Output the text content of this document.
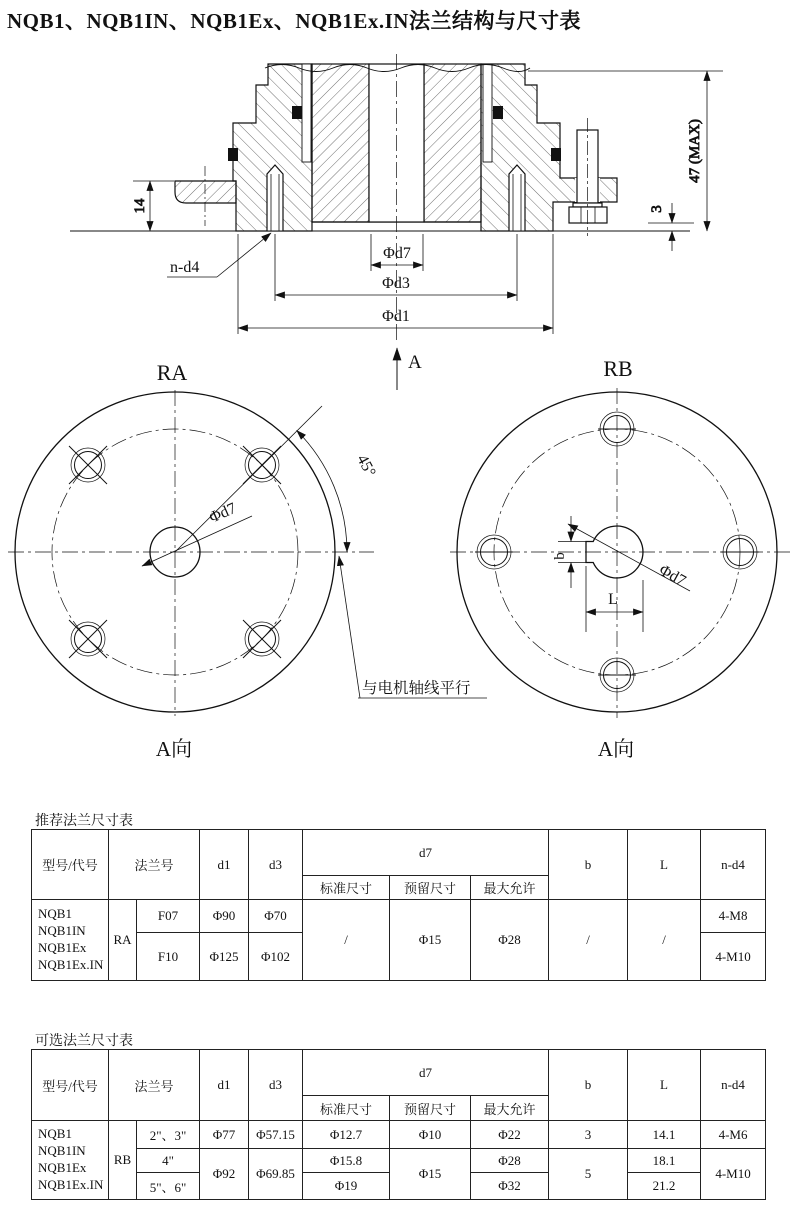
NQB1、NQB1IN、NQB1Ex、NQB1Ex.IN法兰结构与尺寸表
14
47 (MAX)
3
n-d4
Φd7
Φd3
Φd1
A
RA
45°
Φd7
与电机轴线平行
A向
RB
b
L
Φd7
A向
推荐法兰尺寸表
型号/代号	法兰号		d1	d3	d7			b	L	n-d4
					标准尺寸	预留尺寸	最大允许			

NQB1
NQB1IN
NQB1Ex
NQB1Ex.IN	RA	F07	Φ90	Φ70	/	Φ15	Φ28	/	/	4-M8
		F10	Φ125	Φ102						4-M10
可选法兰尺寸表
型号/代号	法兰号		d1	d3	d7			b	L	n-d4
					标准尺寸	预留尺寸	最大允许			

NQB1
NQB1IN
NQB1Ex
NQB1Ex.IN	RB	2"、3"	Φ77	Φ57.15	Φ12.7	Φ10	Φ22	3	14.1	4-M6
		4"	Φ92	Φ69.85	Φ15.8	Φ15	Φ28	5	18.1	4-M10
		5"、6"			Φ19		Φ32		21.2	
